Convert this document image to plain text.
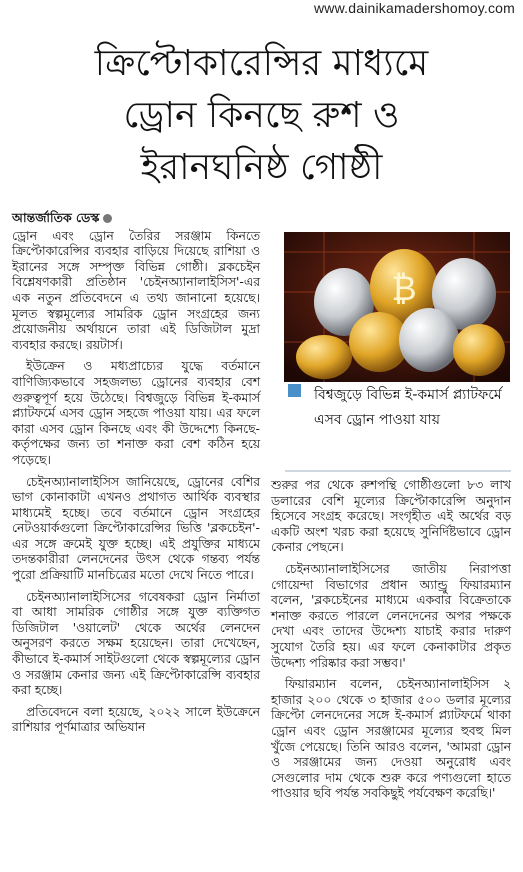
www.dainikamadershomoy.com
ক্রিপ্টোকারেন্সির মাধ্যমে
ড্রোন কিনছে রুশ ও
ইরানঘনিষ্ঠ গোষ্ঠী
আন্তর্জাতিক ডেস্ক

ড্রোন এবং ড্রোন তৈরির সরঞ্জাম কিনতে ক্রিপ্টোকারেন্সির ব্যবহার বাড়িয়ে দিয়েছে রাশিয়া ও ইরানের সঙ্গে সম্পৃক্ত বিভিন্ন গোষ্ঠী। ব্লকচেইন বিশ্লেষণকারী প্রতিষ্ঠান 'চেইনঅ্যানালাইসিস'-এর এক নতুন প্রতিবেদনে এ তথ্য জানানো হয়েছে। মূলত স্বল্পমূল্যের সামরিক ড্রোন সংগ্রহের জন্য প্রয়োজনীয় অর্থায়নে তারা এই ডিজিটাল মুদ্রা ব্যবহার করছে। রয়টার্স।

ইউক্রেন ও মধ্যপ্রাচ্যের যুদ্ধে বর্তমানে বাণিজ্যিকভাবে সহজলভ্য ড্রোনের ব্যবহার বেশ গুরুত্বপূর্ণ হয়ে উঠেছে। বিশ্বজুড়ে বিভিন্ন ই-কমার্স প্ল্যাটফর্মে এসব ড্রোন সহজে পাওয়া যায়। এর ফলে কারা এসব ড্রোন কিনছে এবং কী উদ্দেশ্যে কিনছে- কর্তৃপক্ষের জন্য তা শনাক্ত করা বেশ কঠিন হয়ে পড়েছে।

চেইনঅ্যানালাইসিস জানিয়েছে, ড্রোনের বেশির ভাগ কোনাকাটা এখনও প্রথাগত আর্থিক ব্যবস্থার মাধ্যমেই হচ্ছে। তবে বর্তমানে ড্রোন সংগ্রহের নেটওয়ার্কগুলো ক্রিপ্টোকারেন্সির ভিত্তি 'ব্লকচেইন'-এর সঙ্গে ক্রমেই যুক্ত হচ্ছে। এই প্রযুক্তির মাধ্যমে তদন্তকারীরা লেনদেনের উৎস থেকে গন্তব্য পর্যন্ত পুরো প্রক্রিয়াটি মানচিত্রের মতো দেখে নিতে পারে।

চেইনঅ্যানালাইসিসের গবেষকরা ড্রোন নির্মাতা বা আধা সামরিক গোষ্ঠীর সঙ্গে যুক্ত ব্যক্তিগত ডিজিটাল 'ওয়ালেট' থেকে অর্থের লেনদেন অনুসরণ করতে সক্ষম হয়েছেন। তারা দেখেছেন, কীভাবে ই-কমার্স সাইটগুলো থেকে স্বল্পমূল্যের ড্রোন ও সরঞ্জাম কেনার জন্য এই ক্রিপ্টোকারেন্সি ব্যবহার করা হচ্ছে।

প্রতিবেদনে বলা হয়েছে, ২০২২ সালে ইউক্রেনে রাশিয়ার পূর্ণমাত্রার অভিযান

₿
বিশ্বজুড়ে বিভিন্ন ই-কমার্স প্ল্যাটফর্মে এসব ড্রোন পাওয়া যায়

শুরুর পর থেকে রুশপন্থি গোষ্ঠীগুলো ৮৩ লাখ ডলারের বেশি মূল্যের ক্রিপ্টোকারেন্সি অনুদান হিসেবে সংগ্রহ করেছে। সংগৃহীত এই অর্থের বড় একটি অংশ খরচ করা হয়েছে সুনির্দিষ্টভাবে ড্রোন কেনার পেছনে।

চেইনঅ্যানালাইসিসের জাতীয় নিরাপত্তা গোয়েন্দা বিভাগের প্রধান অ্যান্ড্রু ফিয়ারম্যান বলেন, 'ব্লকচেইনের মাধ্যমে একবার বিক্রেতাকে শনাক্ত করতে পারলে লেনদেনের অপর পক্ষকে দেখা এবং তাদের উদ্দেশ্য যাচাই করার দারুণ সুযোগ তৈরি হয়। এর ফলে কেনাকাটার প্রকৃত উদ্দেশ্য পরিষ্কার করা সম্ভব।'

ফিয়ারম্যান বলেন, চেইনঅ্যানালাইসিস ২ হাজার ২০০ থেকে ৩ হাজার ৫০০ ডলার মূল্যের ক্রিপ্টো লেনদেনের সঙ্গে ই-কমার্স প্ল্যাটফর্মে থাকা ড্রোন এবং ড্রোন সরঞ্জামের মূল্যের হুবহু মিল খুঁজে পেয়েছে। তিনি আরও বলেন, 'আমরা ড্রোন ও সরঞ্জামের জন্য দেওয়া অনুরোধ এবং সেগুলোর দাম থেকে শুরু করে পণ্যগুলো হাতে পাওয়ার ছবি পর্যন্ত সবকিছুই পর্যবেক্ষণ করেছি।'
